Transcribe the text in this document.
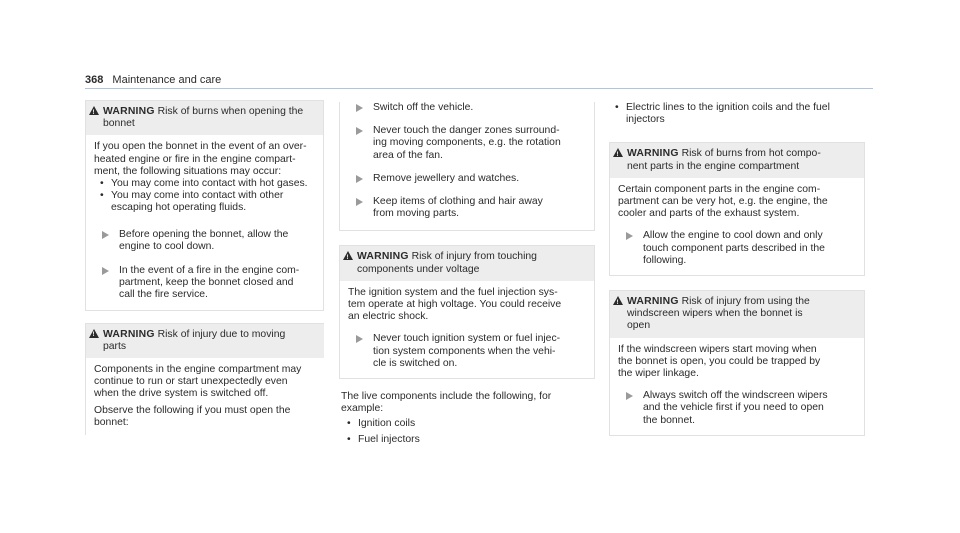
368 Maintenance and care
!
WARNING Risk of burns when opening the
bonnet
If you open the bonnet in the event of an over-
heated engine or fire in the engine compart-
ment, the following situations may occur:
• You may come into contact with hot gases.
• You may come into contact with other
escaping hot operating fluids.
Before opening the bonnet, allow the
engine to cool down.
In the event of a fire in the engine com-
partment, keep the bonnet closed and
call the fire service.
!
WARNING Risk of injury due to moving
parts
Components in the engine compartment may
continue to run or start unexpectedly even
when the drive system is switched off.
Observe the following if you must open the
bonnet:
Switch off the vehicle.
Never touch the danger zones surround-
ing moving components, e.g. the rotation
area of the fan.
Remove jewellery and watches.
Keep items of clothing and hair away
from moving parts.
!
WARNING Risk of injury from touching
components under voltage
The ignition system and the fuel injection sys-
tem operate at high voltage. You could receive
an electric shock.
Never touch ignition system or fuel injec-
tion system components when the vehi-
cle is switched on.
The live components include the following, for
example:
• Ignition coils
• Fuel injectors
• Electric lines to the ignition coils and the fuel
injectors
!
WARNING Risk of burns from hot compo-
nent parts in the engine compartment
Certain component parts in the engine com-
partment can be very hot, e.g. the engine, the
cooler and parts of the exhaust system.
Allow the engine to cool down and only
touch component parts described in the
following.
!
WARNING Risk of injury from using the
windscreen wipers when the bonnet is
open
If the windscreen wipers start moving when
the bonnet is open, you could be trapped by
the wiper linkage.
Always switch off the windscreen wipers
and the vehicle first if you need to open
the bonnet.
